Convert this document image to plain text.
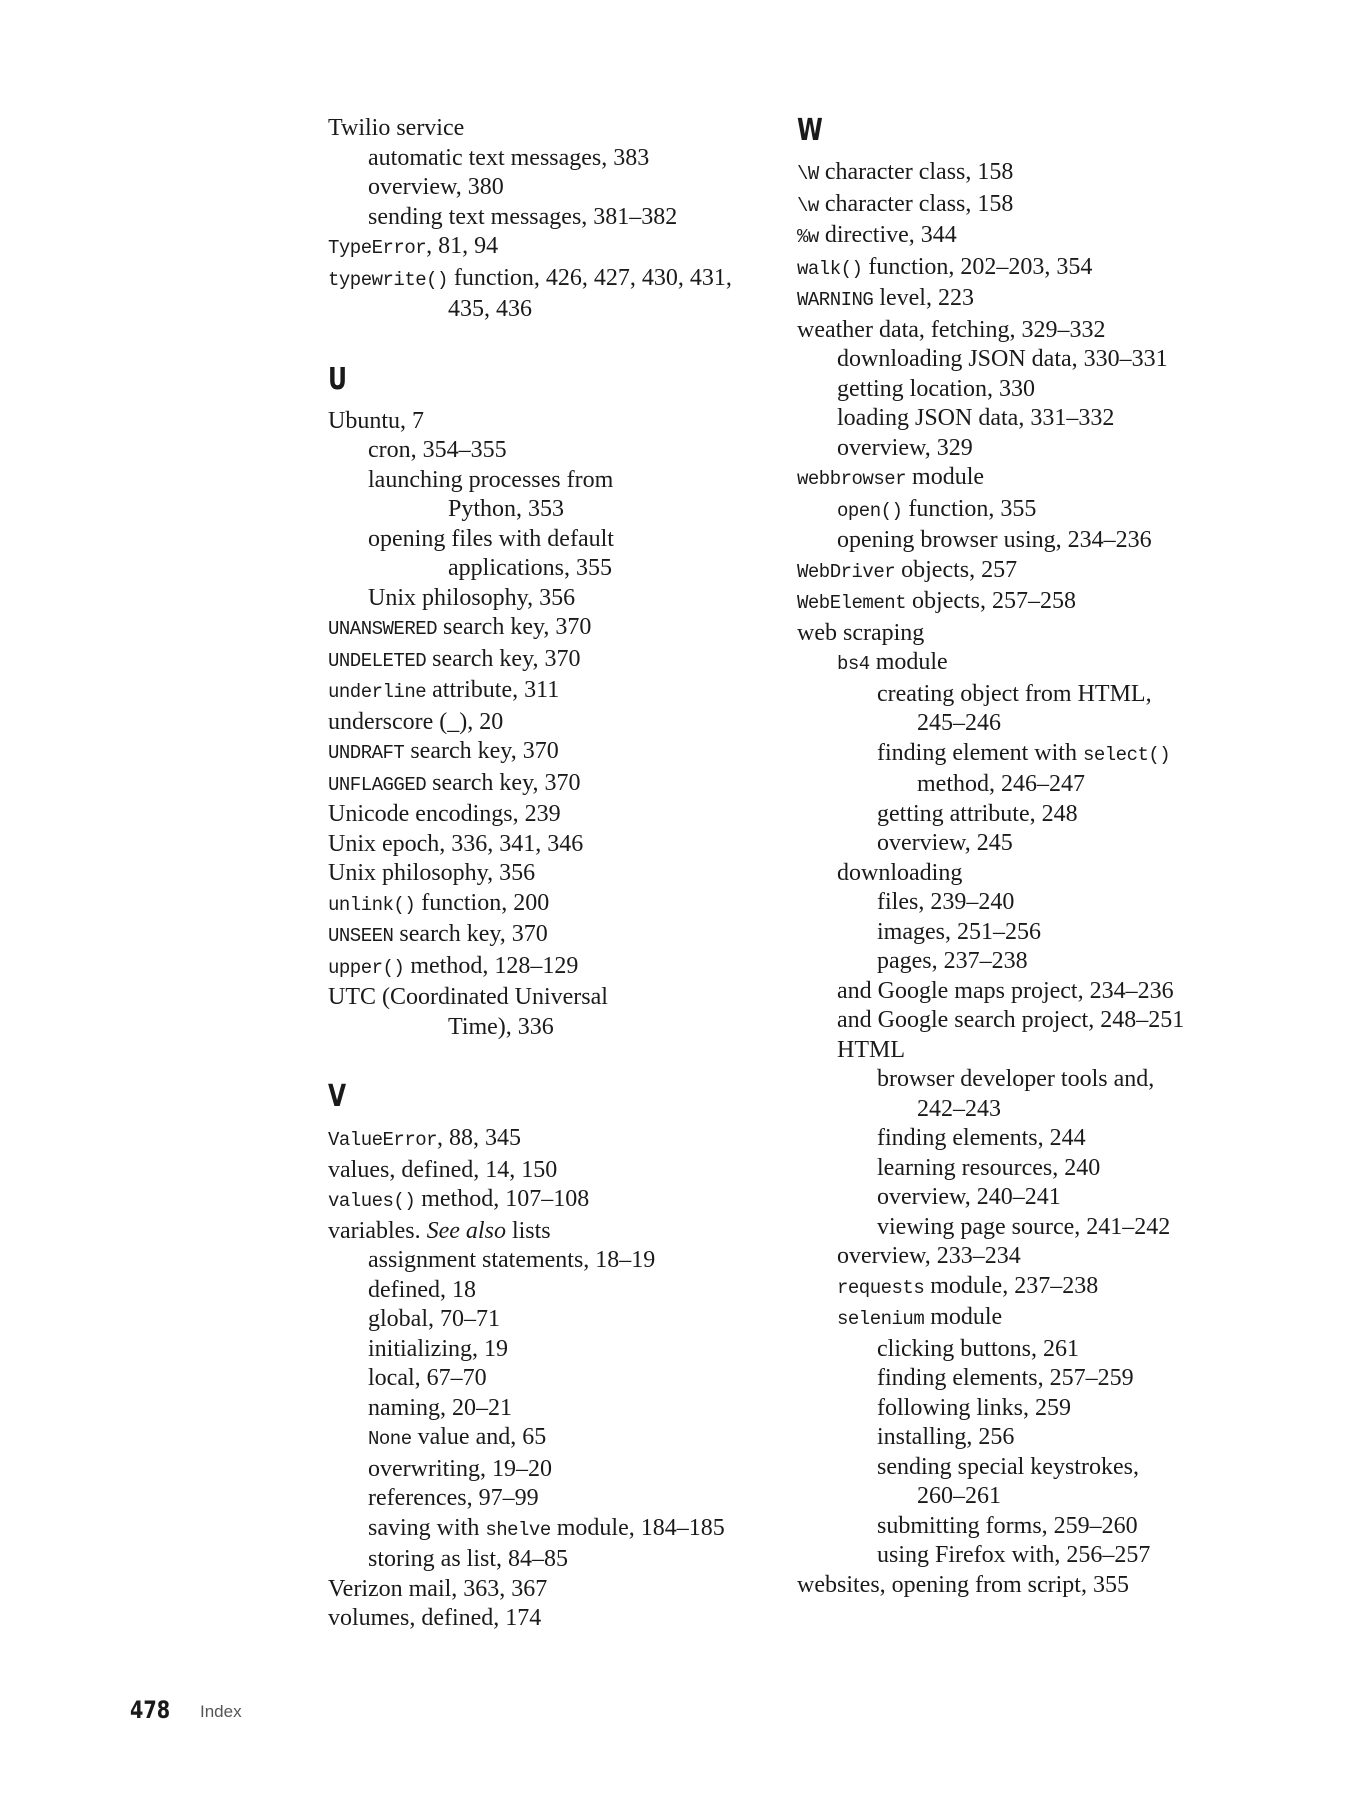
Twilio service
automatic text messages, 383
overview, 380
sending text messages, 381–382
TypeError, 81, 94
typewrite() function, 426, 427, 430, 431,
435, 436
U
Ubuntu, 7
cron, 354–355
launching processes from
Python, 353
opening files with default
applications, 355
Unix philosophy, 356
UNANSWERED search key, 370
UNDELETED search key, 370
underline attribute, 311
underscore (_), 20
UNDRAFT search key, 370
UNFLAGGED search key, 370
Unicode encodings, 239
Unix epoch, 336, 341, 346
Unix philosophy, 356
unlink() function, 200
UNSEEN search key, 370
upper() method, 128–129
UTC (Coordinated Universal
Time), 336
V
ValueError, 88, 345
values, defined, 14, 150
values() method, 107–108
variables. See also lists
assignment statements, 18–19
defined, 18
global, 70–71
initializing, 19
local, 67–70
naming, 20–21
None value and, 65
overwriting, 19–20
references, 97–99
saving with shelve module, 184–185
storing as list, 84–85
Verizon mail, 363, 367
volumes, defined, 174
W
\W character class, 158
\w character class, 158
%w directive, 344
walk() function, 202–203, 354
WARNING level, 223
weather data, fetching, 329–332
downloading JSON data, 330–331
getting location, 330
loading JSON data, 331–332
overview, 329
webbrowser module
open() function, 355
opening browser using, 234–236
WebDriver objects, 257
WebElement objects, 257–258
web scraping
bs4 module
creating object from HTML,
245–246
finding element with select()
method, 246–247
getting attribute, 248
overview, 245
downloading
files, 239–240
images, 251–256
pages, 237–238
and Google maps project, 234–236
and Google search project, 248–251
HTML
browser developer tools and,
242–243
finding elements, 244
learning resources, 240
overview, 240–241
viewing page source, 241–242
overview, 233–234
requests module, 237–238
selenium module
clicking buttons, 261
finding elements, 257–259
following links, 259
installing, 256
sending special keystrokes,
260–261
submitting forms, 259–260
using Firefox with, 256–257
websites, opening from script, 355
478 Index
